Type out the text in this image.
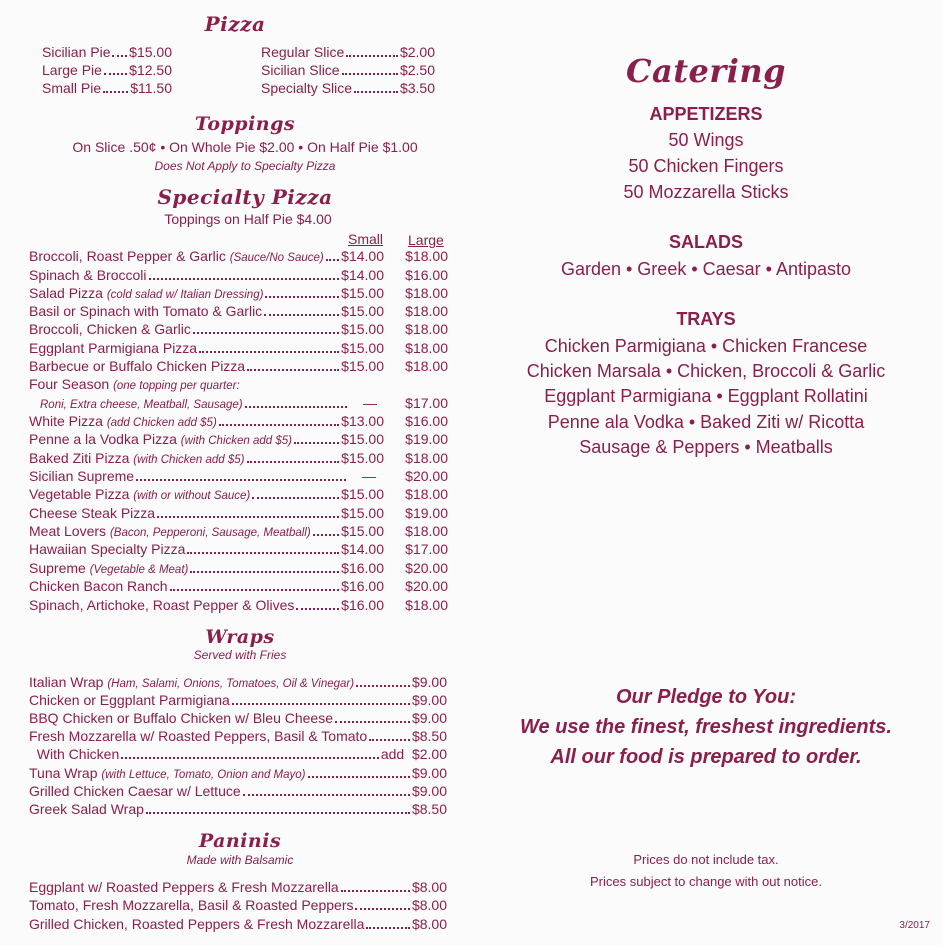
Pizza
Sicilian Pie $15.00
Large Pie $12.50
Small Pie $11.50
Regular Slice	$2.00
Sicilian Slice	$2.50
Specialty Slice	$3.50
Toppings
On Slice .50¢ • On Whole Pie $2.00 • On Half Pie $1.00
Does Not Apply to Specialty Pizza
Specialty Pizza
Toppings on Half Pie $4.00
Small Large
Broccoli, Roast Pepper & Garlic (Sauce/No Sauce) $14.00	$18.00
Spinach & Broccoli	$14.00	$16.00
Salad Pizza (cold salad w/ Italian Dressing)	$15.00	$18.00
Basil or Spinach with Tomato & Garlic	$15.00	$18.00
Broccoli, Chicken & Garlic	$15.00	$18.00
Eggplant Parmigiana Pizza	$15.00	$18.00
Barbecue or Buffalo Chicken Pizza	$15.00	$18.00
Four Season (one topping per quarter:
Roni, Extra cheese, Meatball, Sausage)	—	$17.00
White Pizza (add Chicken add $5)	$13.00	$16.00
Penne a la Vodka Pizza (with Chicken add $5)	$15.00	$19.00
Baked Ziti Pizza (with Chicken add $5)	$15.00	$18.00
Sicilian Supreme	—	$20.00
Vegetable Pizza (with or without Sauce)	$15.00	$18.00
Cheese Steak Pizza	$15.00	$19.00
Meat Lovers (Bacon, Pepperoni, Sausage, Meatball) $15.00	$18.00
Hawaiian Specialty Pizza	$14.00	$17.00
Supreme (Vegetable & Meat)	$16.00	$20.00
Chicken Bacon Ranch	$16.00	$20.00
Spinach, Artichoke, Roast Pepper & Olives	$16.00	$18.00
Wraps
Served with Fries
Italian Wrap (Ham, Salami, Onions, Tomatoes, Oil & Vinegar)	$9.00
Chicken or Eggplant Parmigiana	$9.00
BBQ Chicken or Buffalo Chicken w/ Bleu Cheese	$9.00
Fresh Mozzarella w/ Roasted Peppers, Basil & Tomato	$8.50
With Chicken	add  $2.00
Tuna Wrap (with Lettuce, Tomato, Onion and Mayo)	$9.00
Grilled Chicken Caesar w/ Lettuce	$9.00
Greek Salad Wrap	$8.50
Paninis
Made with Balsamic
Eggplant w/ Roasted Peppers & Fresh Mozzarella	$8.00
Tomato, Fresh Mozzarella, Basil & Roasted Peppers	$8.00
Grilled Chicken, Roasted Peppers & Fresh Mozzarella	$8.00
Catering
APPETIZERS
50 Wings
50 Chicken Fingers
50 Mozzarella Sticks
SALADS
Garden • Greek • Caesar • Antipasto
TRAYS
Chicken Parmigiana • Chicken Francese
Chicken Marsala • Chicken, Broccoli & Garlic
Eggplant Parmigiana • Eggplant Rollatini
Penne ala Vodka • Baked Ziti w/ Ricotta
Sausage & Peppers • Meatballs
Our Pledge to You:
We use the finest, freshest ingredients.
All our food is prepared to order.
Prices do not include tax.
Prices subject to change with out notice.
3/2017
